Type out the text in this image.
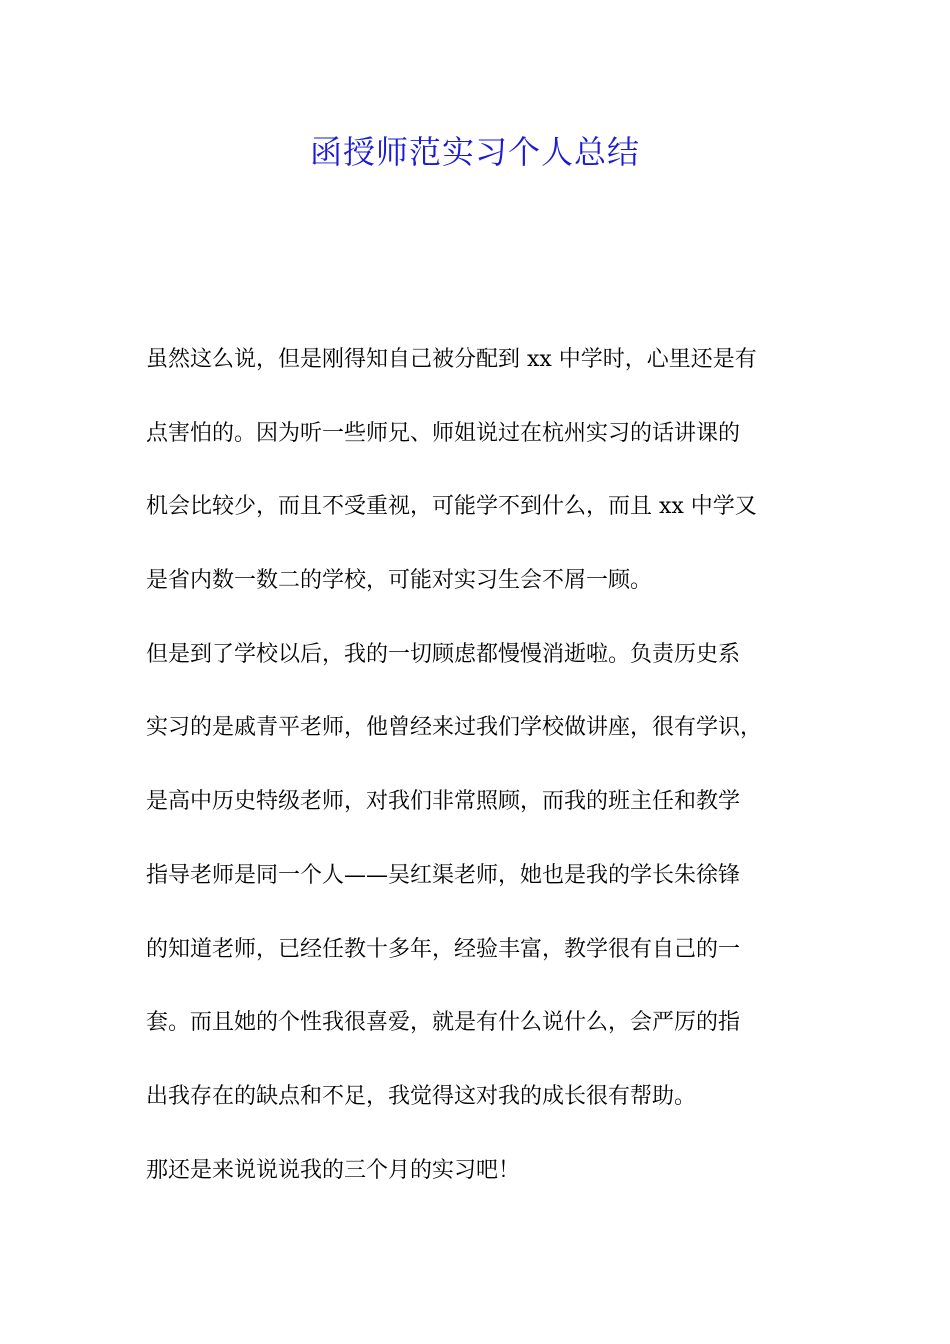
函授师范实习个人总结
虽然这么说，但是刚得知自己被分配到 xx 中学时，心里还是有
点害怕的。因为听一些师兄、师姐说过在杭州实习的话讲课的
机会比较少，而且不受重视，可能学不到什么，而且 xx 中学又
是省内数一数二的学校，可能对实习生会不屑一顾。
但是到了学校以后，我的一切顾虑都慢慢消逝啦。负责历史系
实习的是戚青平老师，他曾经来过我们学校做讲座，很有学识，
是高中历史特级老师，对我们非常照顾，而我的班主任和教学
指导老师是同一个人——吴红渠老师，她也是我的学长朱徐锋
的知道老师，已经任教十多年，经验丰富，教学很有自己的一
套。而且她的个性我很喜爱，就是有什么说什么，会严厉的指
出我存在的缺点和不足，我觉得这对我的成长很有帮助。
那还是来说说说我的三个月的实习吧！
